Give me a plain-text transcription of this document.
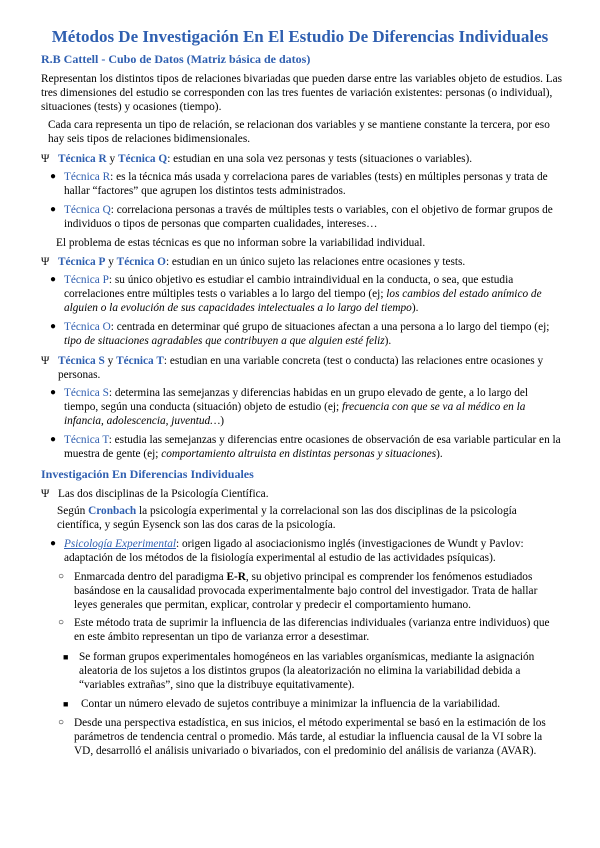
Métodos De Investigación En El Estudio De Diferencias Individuales
R.B Cattell - Cubo de Datos (Matriz básica de datos)
Representan los distintos tipos de relaciones bivariadas que pueden darse entre las variables objeto de estudios. Las tres dimensiones del estudio se corresponden con las tres fuentes de variación existentes: personas (o individual), situaciones (tests) y ocasiones (tiempo).
Cada cara representa un tipo de relación, se relacionan dos variables y se mantiene constante la tercera, por eso hay seis tipos de relaciones bidimensionales.
Ψ Técnica R y Técnica Q: estudian en una sola vez personas y tests (situaciones o variables).
● Técnica R: es la técnica más usada y correlaciona pares de variables (tests) en múltiples personas y trata de hallar “factores” que agrupen los distintos tests administrados.
● Técnica Q: correlaciona personas a través de múltiples tests o variables, con el objetivo de formar grupos de individuos o tipos de personas que comparten cualidades, intereses…
El problema de estas técnicas es que no informan sobre la variabilidad individual.
Ψ Técnica P y Técnica O: estudian en un único sujeto las relaciones entre ocasiones y tests.
● Técnica P: su único objetivo es estudiar el cambio intraindividual en la conducta, o sea, que estudia correlaciones entre múltiples tests o variables a lo largo del tiempo (ej; los cambios del estado anímico de alguien o la evolución de sus capacidades intelectuales a lo largo del tiempo).
● Técnica O: centrada en determinar qué grupo de situaciones afectan a una persona a lo largo del tiempo (ej; tipo de situaciones agradables que contribuyen a que alguien esté feliz).
Ψ Técnica S y Técnica T: estudian en una variable concreta (test o conducta) las relaciones entre ocasiones y personas.
● Técnica S: determina las semejanzas y diferencias habidas en un grupo elevado de gente, a lo largo del tiempo, según una conducta (situación) objeto de estudio (ej; frecuencia con que se va al médico en la infancia, adolescencia, juventud…)
● Técnica T: estudia las semejanzas y diferencias entre ocasiones de observación de esa variable particular en la muestra de gente (ej; comportamiento altruista en distintas personas y situaciones).
Investigación En Diferencias Individuales
Ψ Las dos disciplinas de la Psicología Científica.
Según Cronbach la psicología experimental y la correlacional son las dos disciplinas de la psicología científica, y según Eysenck son las dos caras de la psicología.
● Psicología Experimental: origen ligado al asociacionismo inglés (investigaciones de Wundt y Pavlov: adaptación de los métodos de la fisiología experimental al estudio de las actividades psíquicas).
○ Enmarcada dentro del paradigma E-R, su objetivo principal es comprender los fenómenos estudiados basándose en la causalidad provocada experimentalmente bajo control del investigador. Trata de hallar leyes generales que permitan, explicar, controlar y predecir el comportamiento humano.
○ Este método trata de suprimir la influencia de las diferencias individuales (varianza entre individuos) que en este ámbito representan un tipo de varianza error a desestimar.
■ Se forman grupos experimentales homogéneos en las variables organísmicas, mediante la asignación aleatoria de los sujetos a los distintos grupos (la aleatorización no elimina la variabilidad debida a “variables extrañas”, sino que la distribuye equitativamente).
■	Contar un número elevado de sujetos contribuye a minimizar la influencia de la variabilidad.
○ Desde una perspectiva estadística, en sus inicios, el método experimental se basó en la estimación de los parámetros de tendencia central o promedio. Más tarde, al estudiar la influencia causal de la VI sobre la VD, desarrolló el análisis univariado o bivariados, con el predominio del análisis de varianza (AVAR).
